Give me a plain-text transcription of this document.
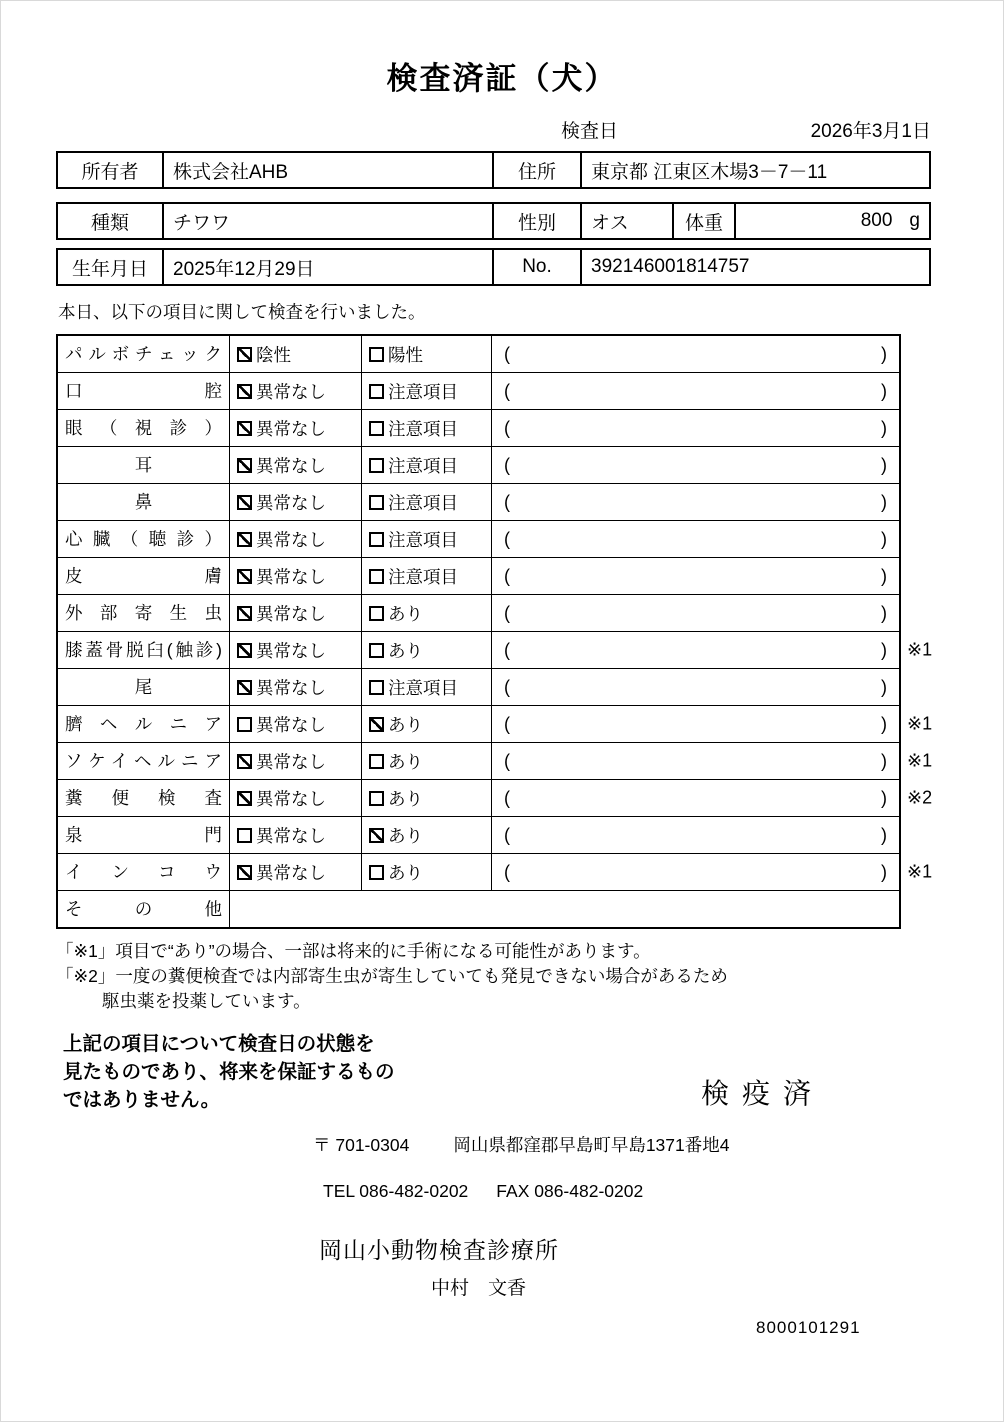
検査済証（犬）
検査日	2026年3月1日
所有者	株式会社AHB	住所	東京都 江東区木場3－7－11
種類	チワワ	性別	オス	体重	800 g
生年月日	2025年12月29日	No.	392146001814757
本日、以下の項目に関して検査を行いました。
パルボチェック	陰性	陽性	(	)
口腔	異常なし	注意項目	(	)
眼（視診）	異常なし	注意項目	(	)
耳	異常なし	注意項目	(	)
鼻	異常なし	注意項目	(	)
心臓（聴診）	異常なし	注意項目	(	)
皮膚	異常なし	注意項目	(	)
外部寄生虫	異常なし	あり	(	)
膝蓋骨脱臼(触診)	異常なし	あり	(	) ※1
尾	異常なし	注意項目	(	)
臍ヘルニア	異常なし	あり	(	) ※1
ソケイヘルニア	異常なし	あり	(	) ※1
糞便検査	異常なし	あり	(	) ※2
泉門	異常なし	あり	(	)
インコウ	異常なし	あり	(	) ※1
その他
「※1」項目で“あり”の場合、一部は将来的に手術になる可能性があります。
「※2」一度の糞便検査では内部寄生虫が寄生していても発見できない場合があるため
駆虫薬を投薬しています。
上記の項目について検査日の状態を
見たものであり、将来を保証するもの
ではありません。	検疫済
〒 701-0304	岡山県都窪郡早島町早島1371番地4
TEL 086-482-0202 FAX 086-482-0202
岡山小動物検査診療所
中村　文香
8000101291
